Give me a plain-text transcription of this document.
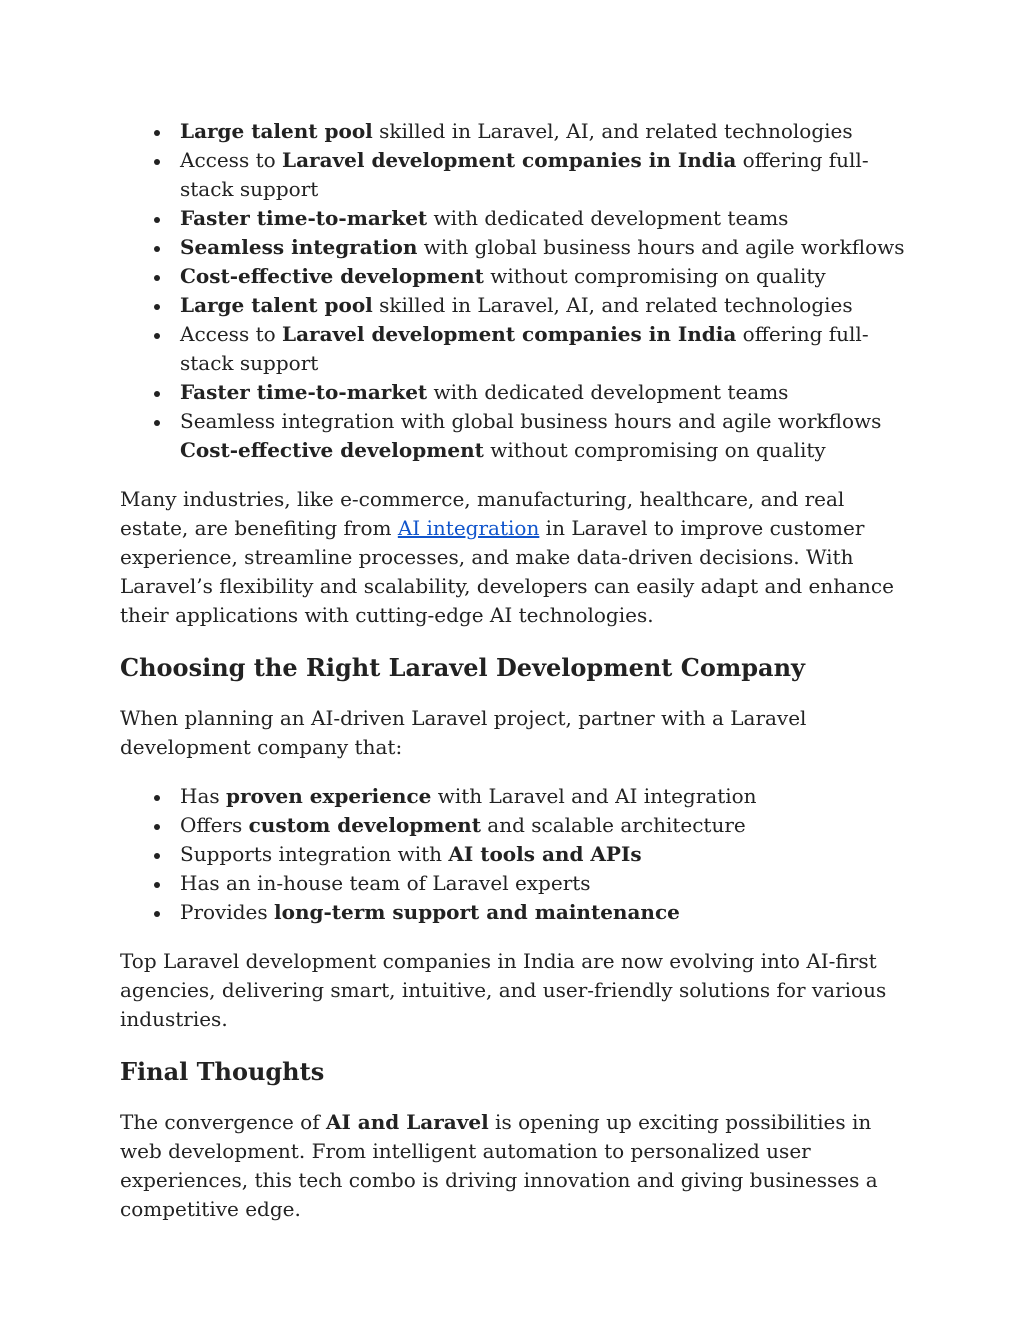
Large talent pool skilled in Laravel, AI, and related technologies
Access to Laravel development companies in India offering full-stack support
Faster time-to-market with dedicated development teams
Seamless integration with global business hours and agile workflows
Cost-effective development without compromising on quality
Large talent pool skilled in Laravel, AI, and related technologies
Access to Laravel development companies in India offering full-stack support
Faster time-to-market with dedicated development teams
Seamless integration with global business hours and agile workflows
Cost-effective development without compromising on quality

Many industries, like e-commerce, manufacturing, healthcare, and real estate, are benefiting from AI integration in Laravel to improve customer experience, streamline processes, and make data-driven decisions. With Laravel’s flexibility and scalability, developers can easily adapt and enhance their applications with cutting-edge AI technologies.

Choosing the Right Laravel Development Company

When planning an AI-driven Laravel project, partner with a Laravel development company that:

Has proven experience with Laravel and AI integration
Offers custom development and scalable architecture
Supports integration with AI tools and APIs
Has an in-house team of Laravel experts
Provides long-term support and maintenance

Top Laravel development companies in India are now evolving into AI-first agencies, delivering smart, intuitive, and user-friendly solutions for various industries.

Final Thoughts

The convergence of AI and Laravel is opening up exciting possibilities in web development. From intelligent automation to personalized user experiences, this tech combo is driving innovation and giving businesses a competitive edge.
